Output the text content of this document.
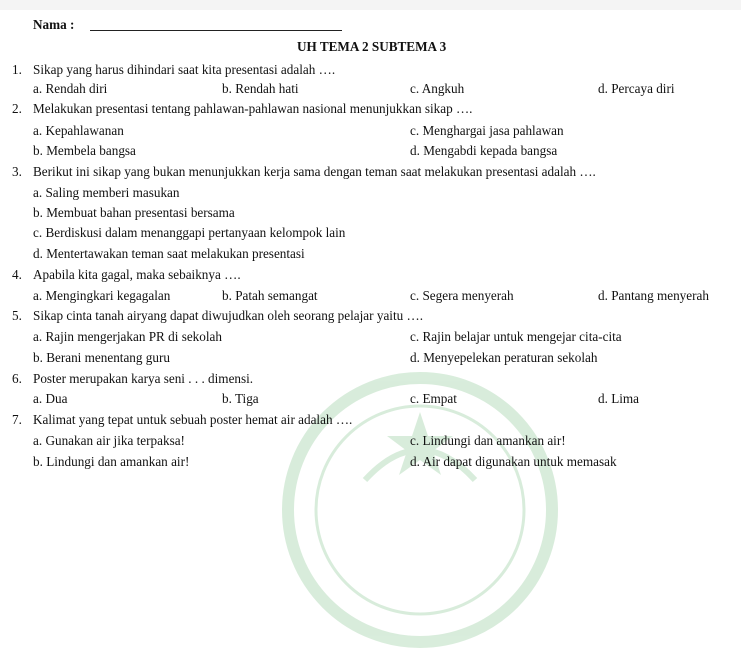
Nama :
UH TEMA 2 SUBTEMA 3
1. Sikap yang harus dihindari saat kita presentasi adalah ….
a. Rendah diri	b. Rendah hati	c. Angkuh	d. Percaya diri
2. Melakukan presentasi tentang pahlawan-pahlawan nasional menunjukkan sikap ….
a. Kepahlawanan	c. Menghargai jasa pahlawan
b. Membela bangsa	d. Mengabdi kepada bangsa
3. Berikut ini sikap yang bukan menunjukkan kerja sama dengan teman saat melakukan presentasi adalah ….
a. Saling memberi masukan
b. Membuat bahan presentasi bersama
c. Berdiskusi dalam menanggapi pertanyaan kelompok lain
d. Mentertawakan teman saat melakukan presentasi
4. Apabila kita gagal, maka sebaiknya ….
a. Mengingkari kegagalan	b. Patah semangat	c. Segera menyerah	d. Pantang menyerah
5. Sikap cinta tanah airyang dapat diwujudkan oleh seorang pelajar yaitu ….
a. Rajin mengerjakan PR di sekolah	c. Rajin belajar untuk mengejar cita-cita
b. Berani menentang guru	d. Menyepelekan peraturan sekolah
6. Poster merupakan karya seni . . . dimensi.
a. Dua	b. Tiga	c. Empat	d. Lima
7. Kalimat yang tepat untuk sebuah poster hemat air adalah ….
a. Gunakan air jika terpaksa!	c. Lindungi dan amankan air!
b. Lindungi dan amankan air!	d. Air dapat digunakan untuk memasak
